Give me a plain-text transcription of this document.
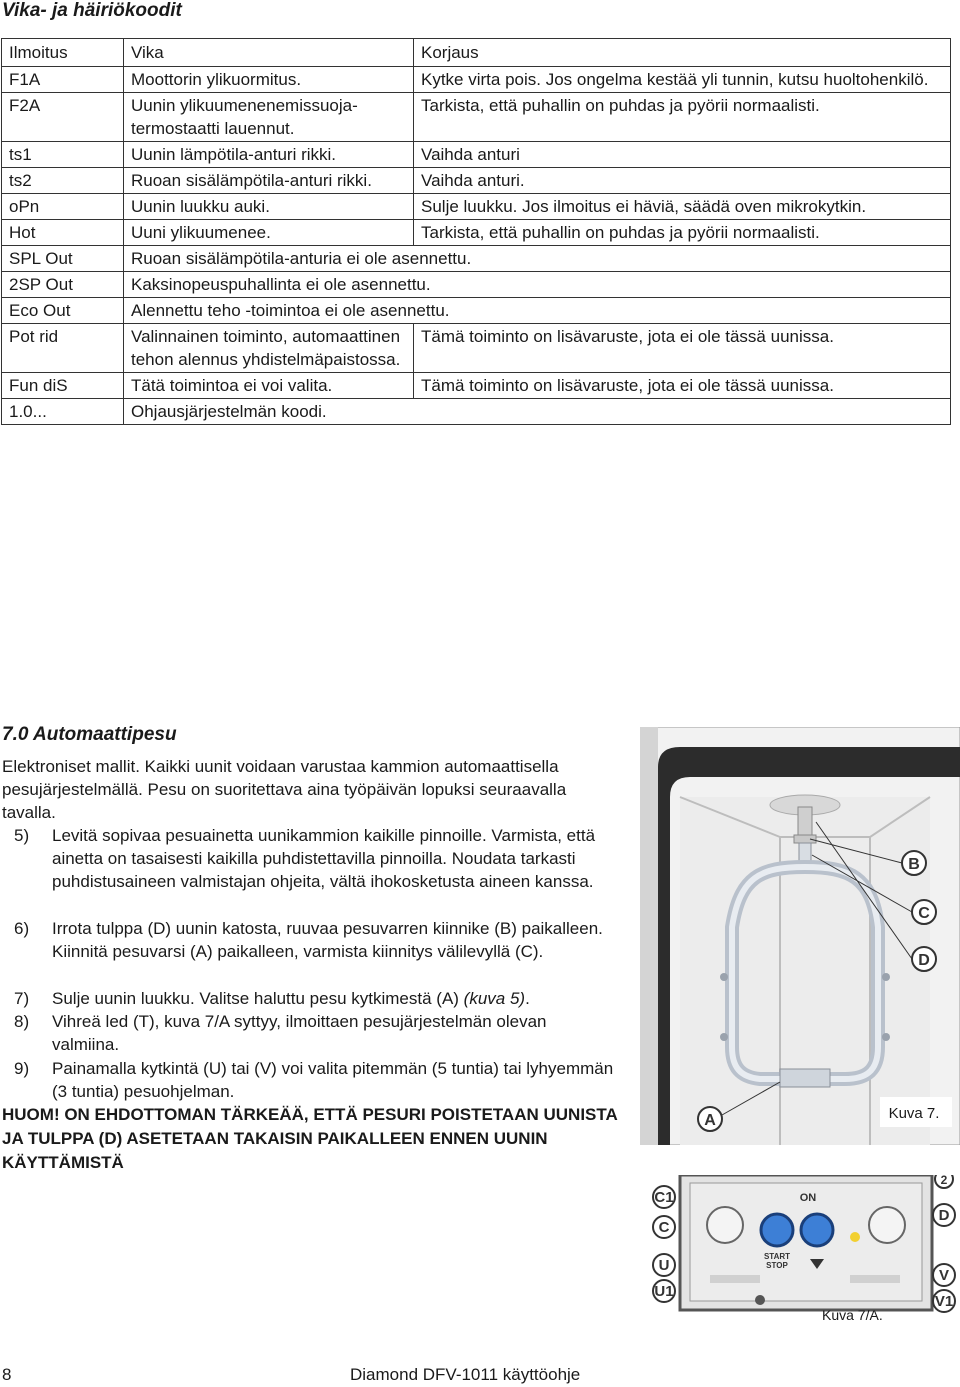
Vika- ja häiriökoodit
Ilmoitus	Vika	Korjaus
F1A	Moottorin ylikuormitus.	Kytke virta pois. Jos ongelma kestää yli tunnin, kutsu huoltohenkilö.
F2A	Uunin ylikuumenenemissuojatermostaatti lauennut.	Tarkista, että puhallin on puhdas ja pyörii normaalisti.
ts1	Uunin lämpötila-anturi rikki.	Vaihda anturi
ts2	Ruoan sisälämpötila-anturi rikki.	Vaihda anturi.
oPn	Uunin luukku auki.	Sulje luukku. Jos ilmoitus ei häviä, säädä oven mikrokytkin.
Hot	Uuni ylikuumenee.	Tarkista, että puhallin on puhdas ja pyörii normaalisti.
SPL Out	Ruoan sisälämpötila-anturia ei ole asennettu.	
2SP Out	Kaksinopeuspuhallinta ei ole asennettu.	
Eco Out	Alennettu teho -toimintoa ei ole asennettu.	
Pot rid	Valinnainen toiminto, automaattinen tehon alennus yhdistelmäpaistossa.	Tämä toiminto on lisävaruste, jota ei ole tässä uunissa.
Fun diS	Tätä toimintoa ei voi valita.	Tämä toiminto on lisävaruste, jota ei ole tässä uunissa.
1.0...	Ohjausjärjestelmän koodi.	
7.0 Automaattipesu
Elektroniset mallit. Kaikki uunit voidaan varustaa kammion automaattisella pesujärjestelmällä. Pesu on suoritettava aina työpäivän lopuksi seuraavalla tavalla.
5) Levitä sopivaa pesuainetta uunikammion kaikille pinnoille. Varmista, että ainetta on tasaisesti kaikilla puhdistettavilla pinnoilla. Noudata tarkasti puhdistusaineen valmistajan ohjeita, vältä ihokosketusta aineen kanssa.
6) Irrota tulppa (D) uunin katosta, ruuvaa pesuvarren kiinnike (B) paikalleen. Kiinnitä pesuvarsi (A) paikalleen, varmista kiinnitys välilevyllä (C).
7) Sulje uunin luukku. Valitse haluttu pesu kytkimestä (A) (kuva 5).
8) Vihreä led (T), kuva 7/A syttyy, ilmoittaen pesujärjestelmän olevan valmiina.
9) Painamalla kytkintä (U) tai (V) voi valita pitemmän (5 tuntia) tai lyhyemmän (3 tuntia) pesuohjelman.
HUOM! ON EHDOTTOMAN TÄRKEÄÄ, ETTÄ PESURI POISTETAAN UUNISTA JA TULPPA (D) ASETETAAN TAKAISIN PAIKALLEEN ENNEN UUNIN KÄYTTÄMISTÄ
B
C
D
A	Kuva 7.
C1
C
U
U1
2
D
V
V1
ON
START
STOP
Kuva 7/A.
8	Diamond DFV-1011 käyttöohje
